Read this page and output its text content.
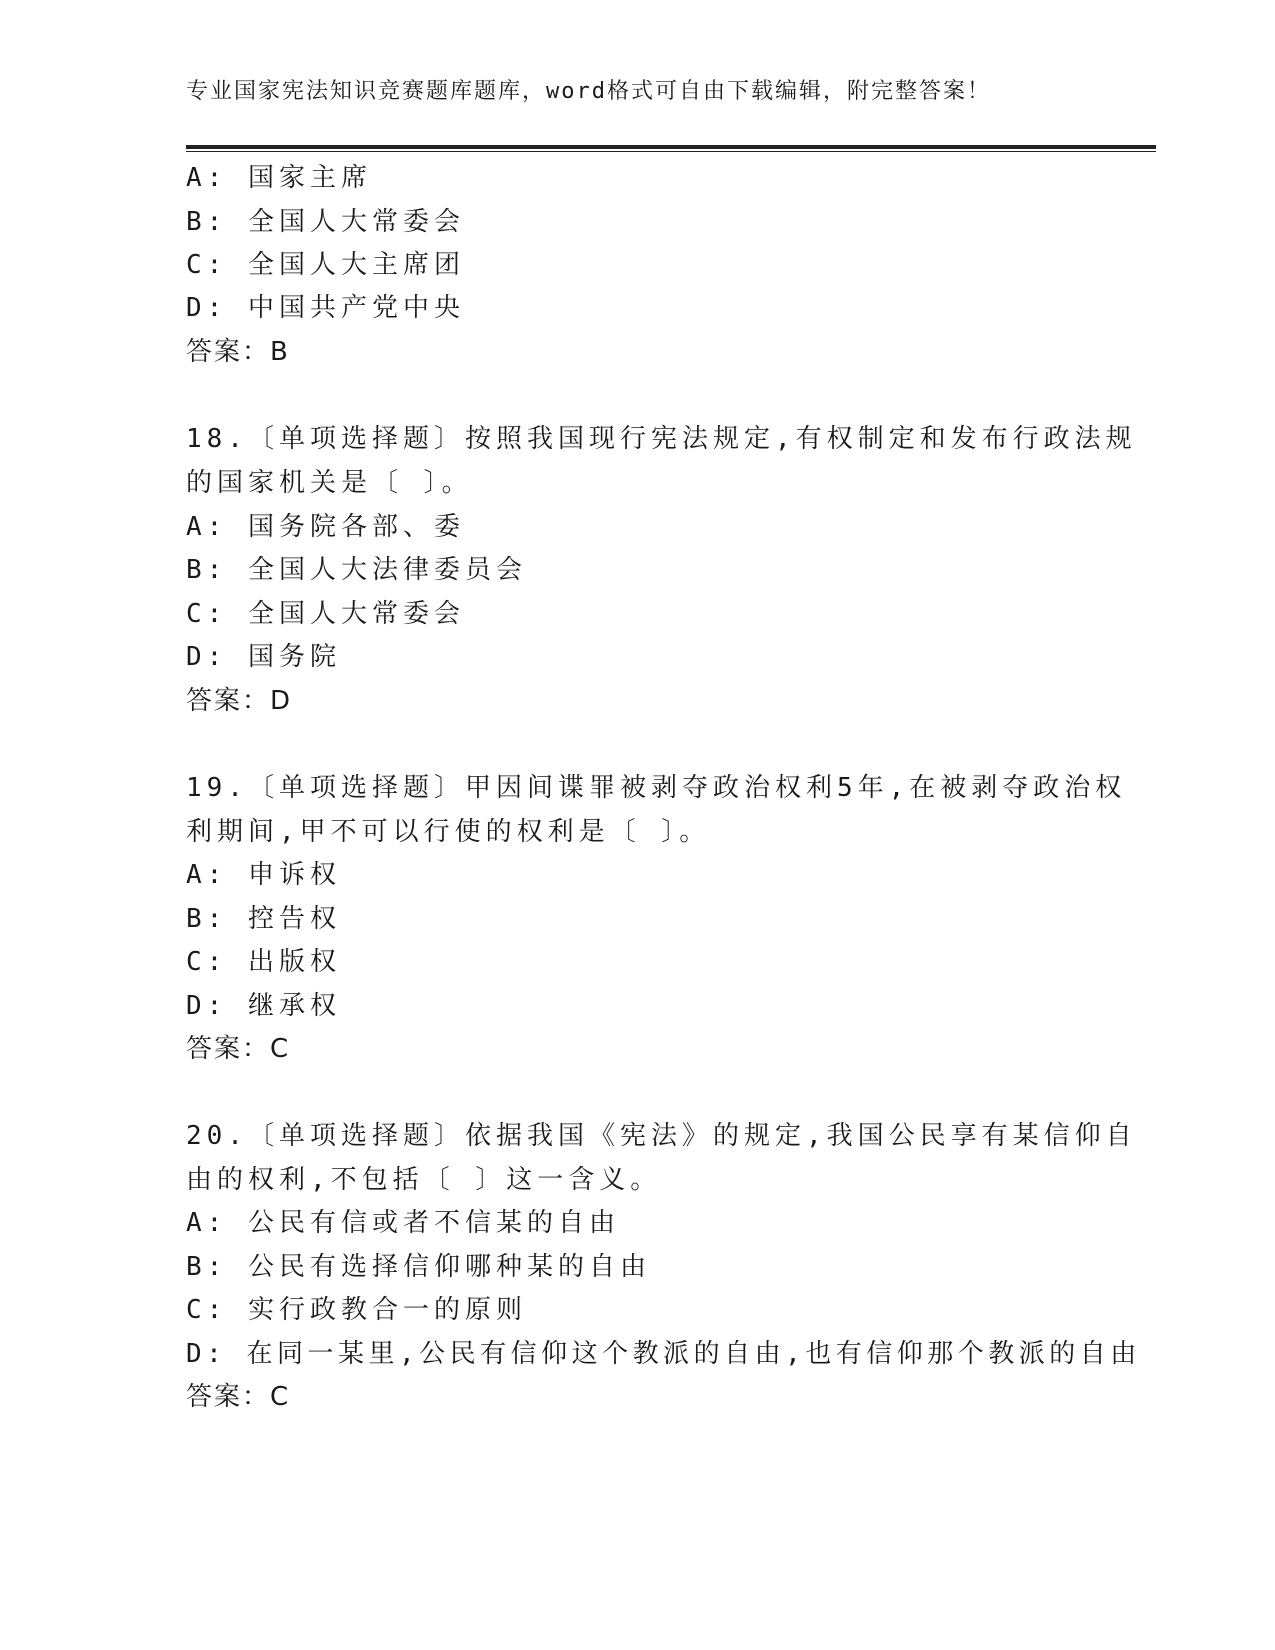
专业国家宪法知识竞赛题库题库，word格式可自由下载编辑，附完整答案！
A: 国家主席
B: 全国人大常委会
C: 全国人大主席团
D: 中国共产党中央
答案：B
18.〔单项选择题〕按照我国现行宪法规定,有权制定和发布行政法规
的国家机关是〔 〕。
A: 国务院各部、委
B: 全国人大法律委员会
C: 全国人大常委会
D: 国务院
答案：D
19.〔单项选择题〕甲因间谍罪被剥夺政治权利5年,在被剥夺政治权
利期间,甲不可以行使的权利是〔 〕。
A: 申诉权
B: 控告权
C: 出版权
D: 继承权
答案：C
20.〔单项选择题〕依据我国《宪法》的规定,我国公民享有某信仰自
由的权利,不包括〔 〕这一含义。
A: 公民有信或者不信某的自由
B: 公民有选择信仰哪种某的自由
C: 实行政教合一的原则
D: 在同一某里,公民有信仰这个教派的自由,也有信仰那个教派的自由
答案：C
